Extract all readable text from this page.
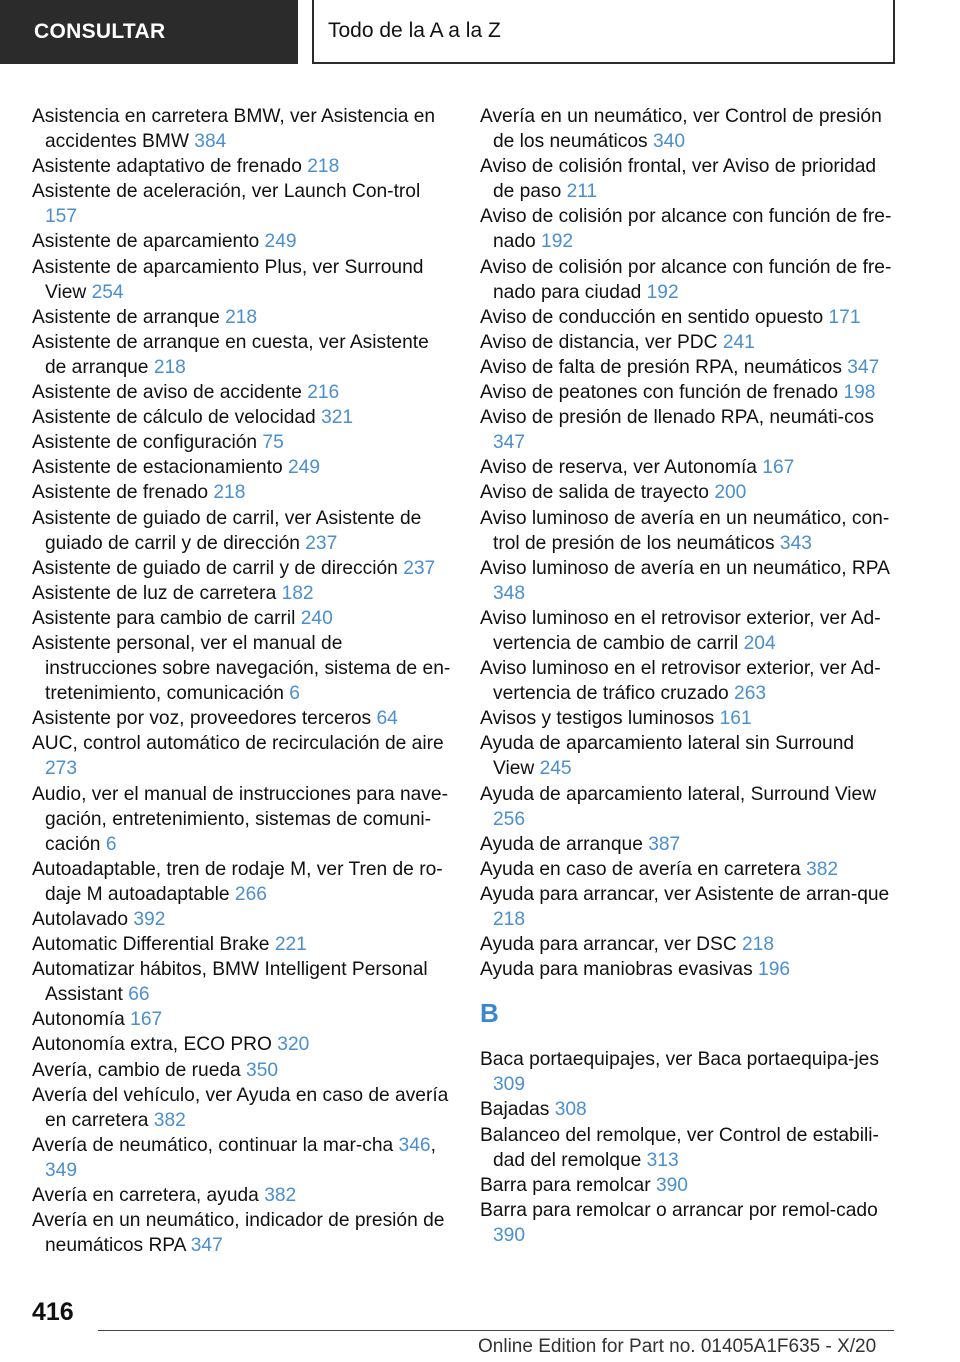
CONSULTAR	Todo de la A a la Z

Asistencia en carretera BMW, ver Asistencia en accidentes BMW 384

Asistente adaptativo de frenado 218

Asistente de aceleración, ver Launch Con-trol 157

Asistente de aparcamiento 249

Asistente de aparcamiento Plus, ver Surround View 254

Asistente de arranque 218

Asistente de arranque en cuesta, ver Asistente de arranque 218

Asistente de aviso de accidente 216

Asistente de cálculo de velocidad 321

Asistente de configuración 75

Asistente de estacionamiento 249

Asistente de frenado 218

Asistente de guiado de carril, ver Asistente de guiado de carril y de dirección 237

Asistente de guiado de carril y de dirección 237

Asistente de luz de carretera 182

Asistente para cambio de carril 240

Asistente personal, ver el manual de instrucciones sobre navegación, sistema de en-tretenimiento, comunicación 6

Asistente por voz, proveedores terceros 64

AUC, control automático de recirculación de aire 273

Audio, ver el manual de instrucciones para nave-gación, entretenimiento, sistemas de comuni-cación 6

Autoadaptable, tren de rodaje M, ver Tren de ro-daje M autoadaptable 266

Autolavado 392

Automatic Differential Brake 221

Automatizar hábitos, BMW Intelligent Personal Assistant 66

Autonomía 167

Autonomía extra, ECO PRO 320

Avería, cambio de rueda 350

Avería del vehículo, ver Ayuda en caso de avería en carretera 382

Avería de neumático, continuar la mar-cha 346, 349

Avería en carretera, ayuda 382

Avería en un neumático, indicador de presión de neumáticos RPA 347

Avería en un neumático, ver Control de presión de los neumáticos 340

Aviso de colisión frontal, ver Aviso de prioridad de paso 211

Aviso de colisión por alcance con función de fre-nado 192

Aviso de colisión por alcance con función de fre-nado para ciudad 192

Aviso de conducción en sentido opuesto 171

Aviso de distancia, ver PDC 241

Aviso de falta de presión RPA, neumáticos 347

Aviso de peatones con función de frenado 198

Aviso de presión de llenado RPA, neumáti-cos 347

Aviso de reserva, ver Autonomía 167

Aviso de salida de trayecto 200

Aviso luminoso de avería en un neumático, con-trol de presión de los neumáticos 343

Aviso luminoso de avería en un neumático, RPA 348

Aviso luminoso en el retrovisor exterior, ver Ad-vertencia de cambio de carril 204

Aviso luminoso en el retrovisor exterior, ver Ad-vertencia de tráfico cruzado 263

Avisos y testigos luminosos 161

Ayuda de aparcamiento lateral sin Surround View 245

Ayuda de aparcamiento lateral, Surround View 256

Ayuda de arranque 387

Ayuda en caso de avería en carretera 382

Ayuda para arrancar, ver Asistente de arran-que 218

Ayuda para arrancar, ver DSC 218

Ayuda para maniobras evasivas 196

B

Baca portaequipajes, ver Baca portaequipa-jes 309

Bajadas 308

Balanceo del remolque, ver Control de estabili-dad del remolque 313

Barra para remolcar 390

Barra para remolcar o arrancar por remol-cado 390

416
Online Edition for Part no. 01405A1F635 - X/20
